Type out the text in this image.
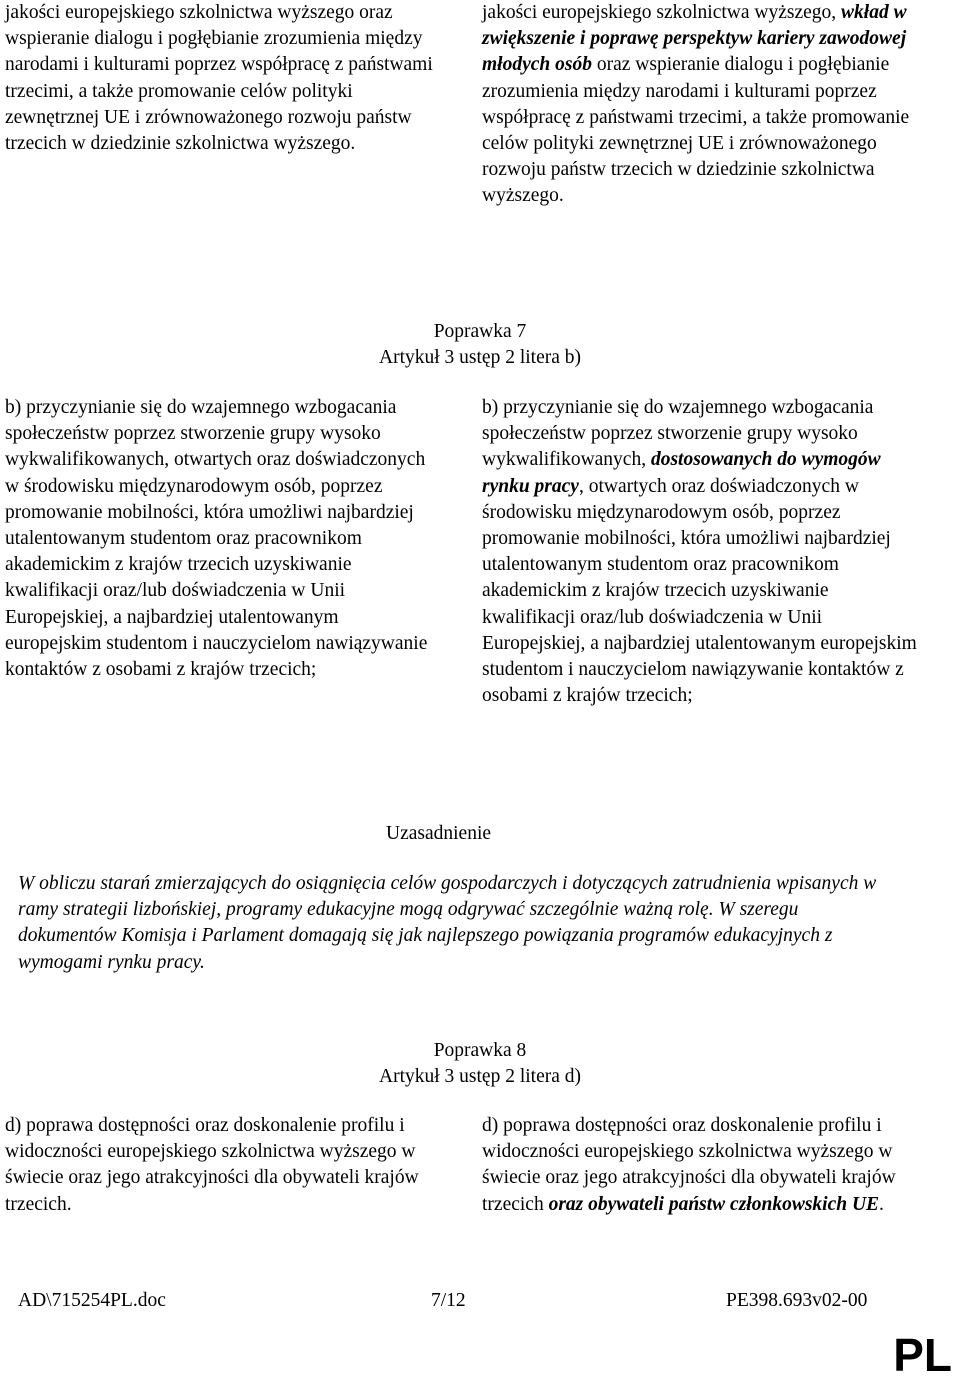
jakości europejskiego szkolnictwa wyższego oraz wspieranie dialogu i pogłębianie zrozumienia między narodami i kulturami poprzez współpracę z państwami trzecimi, a także promowanie celów polityki zewnętrznej UE i zrównoważonego rozwoju państw trzecich w dziedzinie szkolnictwa wyższego.

jakości europejskiego szkolnictwa wyższego, wkład w zwiększenie i poprawę perspektyw kariery zawodowej młodych osób oraz wspieranie dialogu i pogłębianie zrozumienia między narodami i kulturami poprzez współpracę z państwami trzecimi, a także promowanie celów polityki zewnętrznej UE i zrównoważonego rozwoju państw trzecich w dziedzinie szkolnictwa wyższego.

Poprawka 7

Artykuł 3 ustęp 2 litera b)

b) przyczynianie się do wzajemnego wzbogacania społeczeństw poprzez stworzenie grupy wysoko wykwalifikowanych, otwartych oraz doświadczonych w środowisku międzynarodowym osób, poprzez promowanie mobilności, która umożliwi najbardziej utalentowanym studentom oraz pracownikom akademickim z krajów trzecich uzyskiwanie kwalifikacji oraz/lub doświadczenia w Unii Europejskiej, a najbardziej utalentowanym europejskim studentom i nauczycielom nawiązywanie kontaktów z osobami z krajów trzecich;

b) przyczynianie się do wzajemnego wzbogacania społeczeństw poprzez stworzenie grupy wysoko wykwalifikowanych, dostosowanych do wymogów rynku pracy, otwartych oraz doświadczonych w środowisku międzynarodowym osób, poprzez promowanie mobilności, która umożliwi najbardziej utalentowanym studentom oraz pracownikom akademickim z krajów trzecich uzyskiwanie kwalifikacji oraz/lub doświadczenia w Unii Europejskiej, a najbardziej utalentowanym europejskim studentom i nauczycielom nawiązywanie kontaktów z osobami z krajów trzecich;

Uzasadnienie

W obliczu starań zmierzających do osiągnięcia celów gospodarczych i dotyczących zatrudnienia wpisanych w ramy strategii lizbońskiej, programy edukacyjne mogą odgrywać szczególnie ważną rolę. W szeregu dokumentów Komisja i Parlament domagają się jak najlepszego powiązania programów edukacyjnych z wymogami rynku pracy.

Poprawka 8

Artykuł 3 ustęp 2 litera d)

d) poprawa dostępności oraz doskonalenie profilu i widoczności europejskiego szkolnictwa wyższego w świecie oraz jego atrakcyjności dla obywateli krajów trzecich.

d) poprawa dostępności oraz doskonalenie profilu i widoczności europejskiego szkolnictwa wyższego w świecie oraz jego atrakcyjności dla obywateli krajów trzecich oraz obywateli państw członkowskich UE.

AD\715254PL.doc	7/12	PE398.693v02-00

PL
